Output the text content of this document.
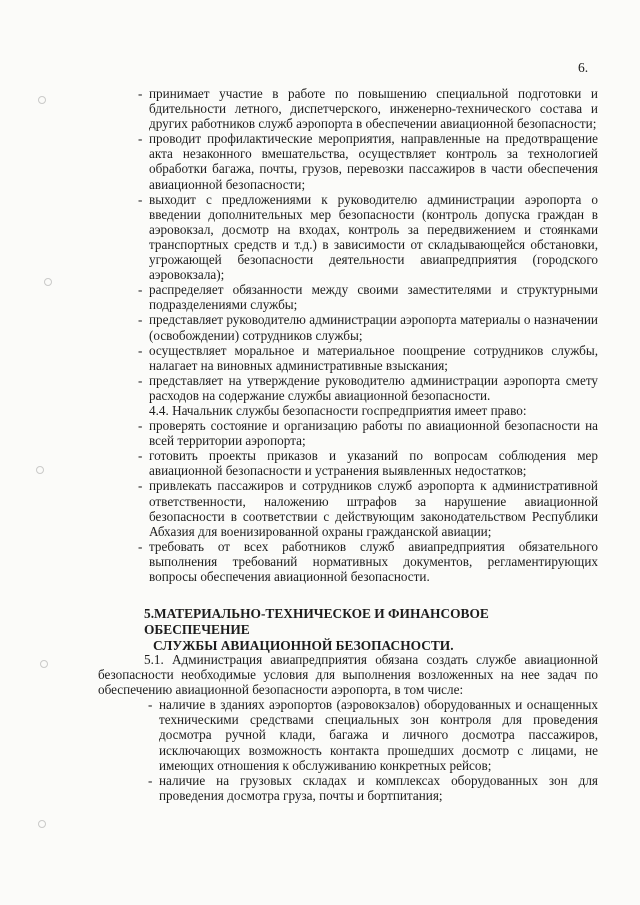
6.

- принимает участие в работе по повышению специальной подготовки и бдительности летного, диспетчерского, инженерно-технического состава и других работников служб аэропорта в обеспечении авиационной безопасности;

- проводит профилактические мероприятия, направленные на предотвращение акта незаконного вмешательства, осуществляет контроль за технологией обработки багажа, почты, грузов, перевозки пассажиров в части обеспечения авиационной безопасности;

- выходит с предложениями к руководителю администрации аэропорта о введении дополнительных мер безопасности (контроль допуска граждан в аэровокзал, досмотр на входах, контроль за передвижением и стоянками транспортных средств и т.д.) в зависимости от складывающейся обстановки, угрожающей безопасности деятельности авиапредприятия (городского аэровокзала);

- распределяет обязанности между своими заместителями и структурными подразделениями службы;

- представляет руководителю администрации аэропорта материалы о назначении (освобождении) сотрудников службы;

- осуществляет моральное и материальное поощрение сотрудников службы, налагает на виновных административные взыскания;

- представляет на утверждение руководителю администрации аэропорта смету расходов на содержание службы авиационной безопасности.

4.4. Начальник службы безопасности госпредприятия имеет право:

- проверять состояние и организацию работы по авиационной безопасности на всей территории аэропорта;

- готовить проекты приказов и указаний по вопросам соблюдения мер авиационной безопасности и устранения выявленных недостатков;

- привлекать пассажиров и сотрудников служб аэропорта к административной ответственности, наложению штрафов за нарушение авиационной безопасности в соответствии с действующим законодательством Республики Абхазия для военизированной охраны гражданской авиации;

- требовать от всех работников служб авиапредприятия обязательного выполнения требований нормативных документов, регламентирующих вопросы обеспечения авиационной безопасности.

5.МАТЕРИАЛЬНО-ТЕХНИЧЕСКОЕ И ФИНАНСОВОЕ ОБЕСПЕЧЕНИЕ
СЛУЖБЫ АВИАЦИОННОЙ БЕЗОПАСНОСТИ.

5.1. Администрация авиапредприятия обязана создать службе авиационной безопасности необходимые условия для выполнения возложенных на нее задач по обеспечению авиационной безопасности аэропорта, в том числе:

- наличие в зданиях аэропортов (аэровокзалов) оборудованных и оснащенных техническими средствами специальных зон контроля для проведения досмотра ручной клади, багажа и личного досмотра пассажиров, исключающих возможность контакта прошедших досмотр с лицами, не имеющих отношения к обслуживанию конкретных рейсов;

- наличие на грузовых складах и комплексах оборудованных зон для проведения досмотра груза, почты и бортпитания;
